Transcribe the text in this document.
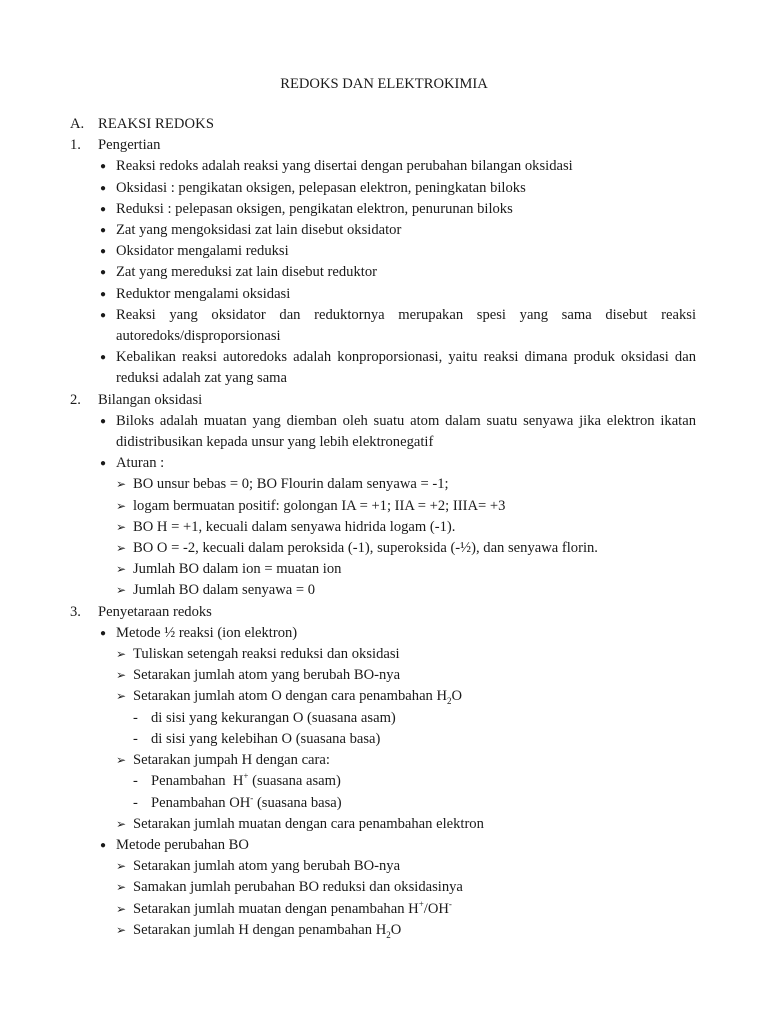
REDOKS DAN ELEKTROKIMIA
A. REAKSI REDOKS
1.	Pengertian
● Reaksi redoks adalah reaksi yang disertai dengan perubahan bilangan oksidasi
● Oksidasi : pengikatan oksigen, pelepasan elektron, peningkatan biloks
● Reduksi : pelepasan oksigen, pengikatan elektron, penurunan biloks
● Zat yang mengoksidasi zat lain disebut oksidator
● Oksidator mengalami reduksi
● Zat yang mereduksi zat lain disebut reduktor
● Reduktor mengalami oksidasi
● Reaksi yang oksidator dan reduktornya merupakan spesi yang sama disebut reaksi autoredoks/disproporsionasi
● Kebalikan reaksi autoredoks adalah konproporsionasi, yaitu reaksi dimana produk oksidasi dan reduksi adalah zat yang sama
2.	Bilangan oksidasi
● Biloks adalah muatan yang diemban oleh suatu atom dalam suatu senyawa jika elektron ikatan didistribusikan kepada unsur yang lebih elektronegatif
● Aturan :
➢ BO unsur bebas = 0; BO Flourin dalam senyawa = -1;
➢ logam bermuatan positif: golongan IA = +1; IIA = +2; IIIA= +3
➢ BO H = +1, kecuali dalam senyawa hidrida logam (-1).
➢ BO O = -2, kecuali dalam peroksida (-1), superoksida (-½), dan senyawa florin.
➢ Jumlah BO dalam ion = muatan ion
➢ Jumlah BO dalam senyawa = 0
3.	Penyetaraan redoks
● Metode ½ reaksi (ion elektron)
➢ Tuliskan setengah reaksi reduksi dan oksidasi
➢ Setarakan jumlah atom yang berubah BO-nya
➢ Setarakan jumlah atom O dengan cara penambahan $H_2O$
- di sisi yang kekurangan O (suasana asam)
- di sisi yang kelebihan O (suasana basa)
➢ Setarakan jumpah H dengan cara:
- Penambahan  H+ (suasana asam)
- Penambahan OH- (suasana basa)
➢ Setarakan jumlah muatan dengan cara penambahan elektron
● Metode perubahan BO
➢ Setarakan jumlah atom yang berubah BO-nya
➢ Samakan jumlah perubahan BO reduksi dan oksidasinya
➢ Setarakan jumlah muatan dengan penambahan H+/OH-
➢ Setarakan jumlah H dengan penambahan $H_2O$
